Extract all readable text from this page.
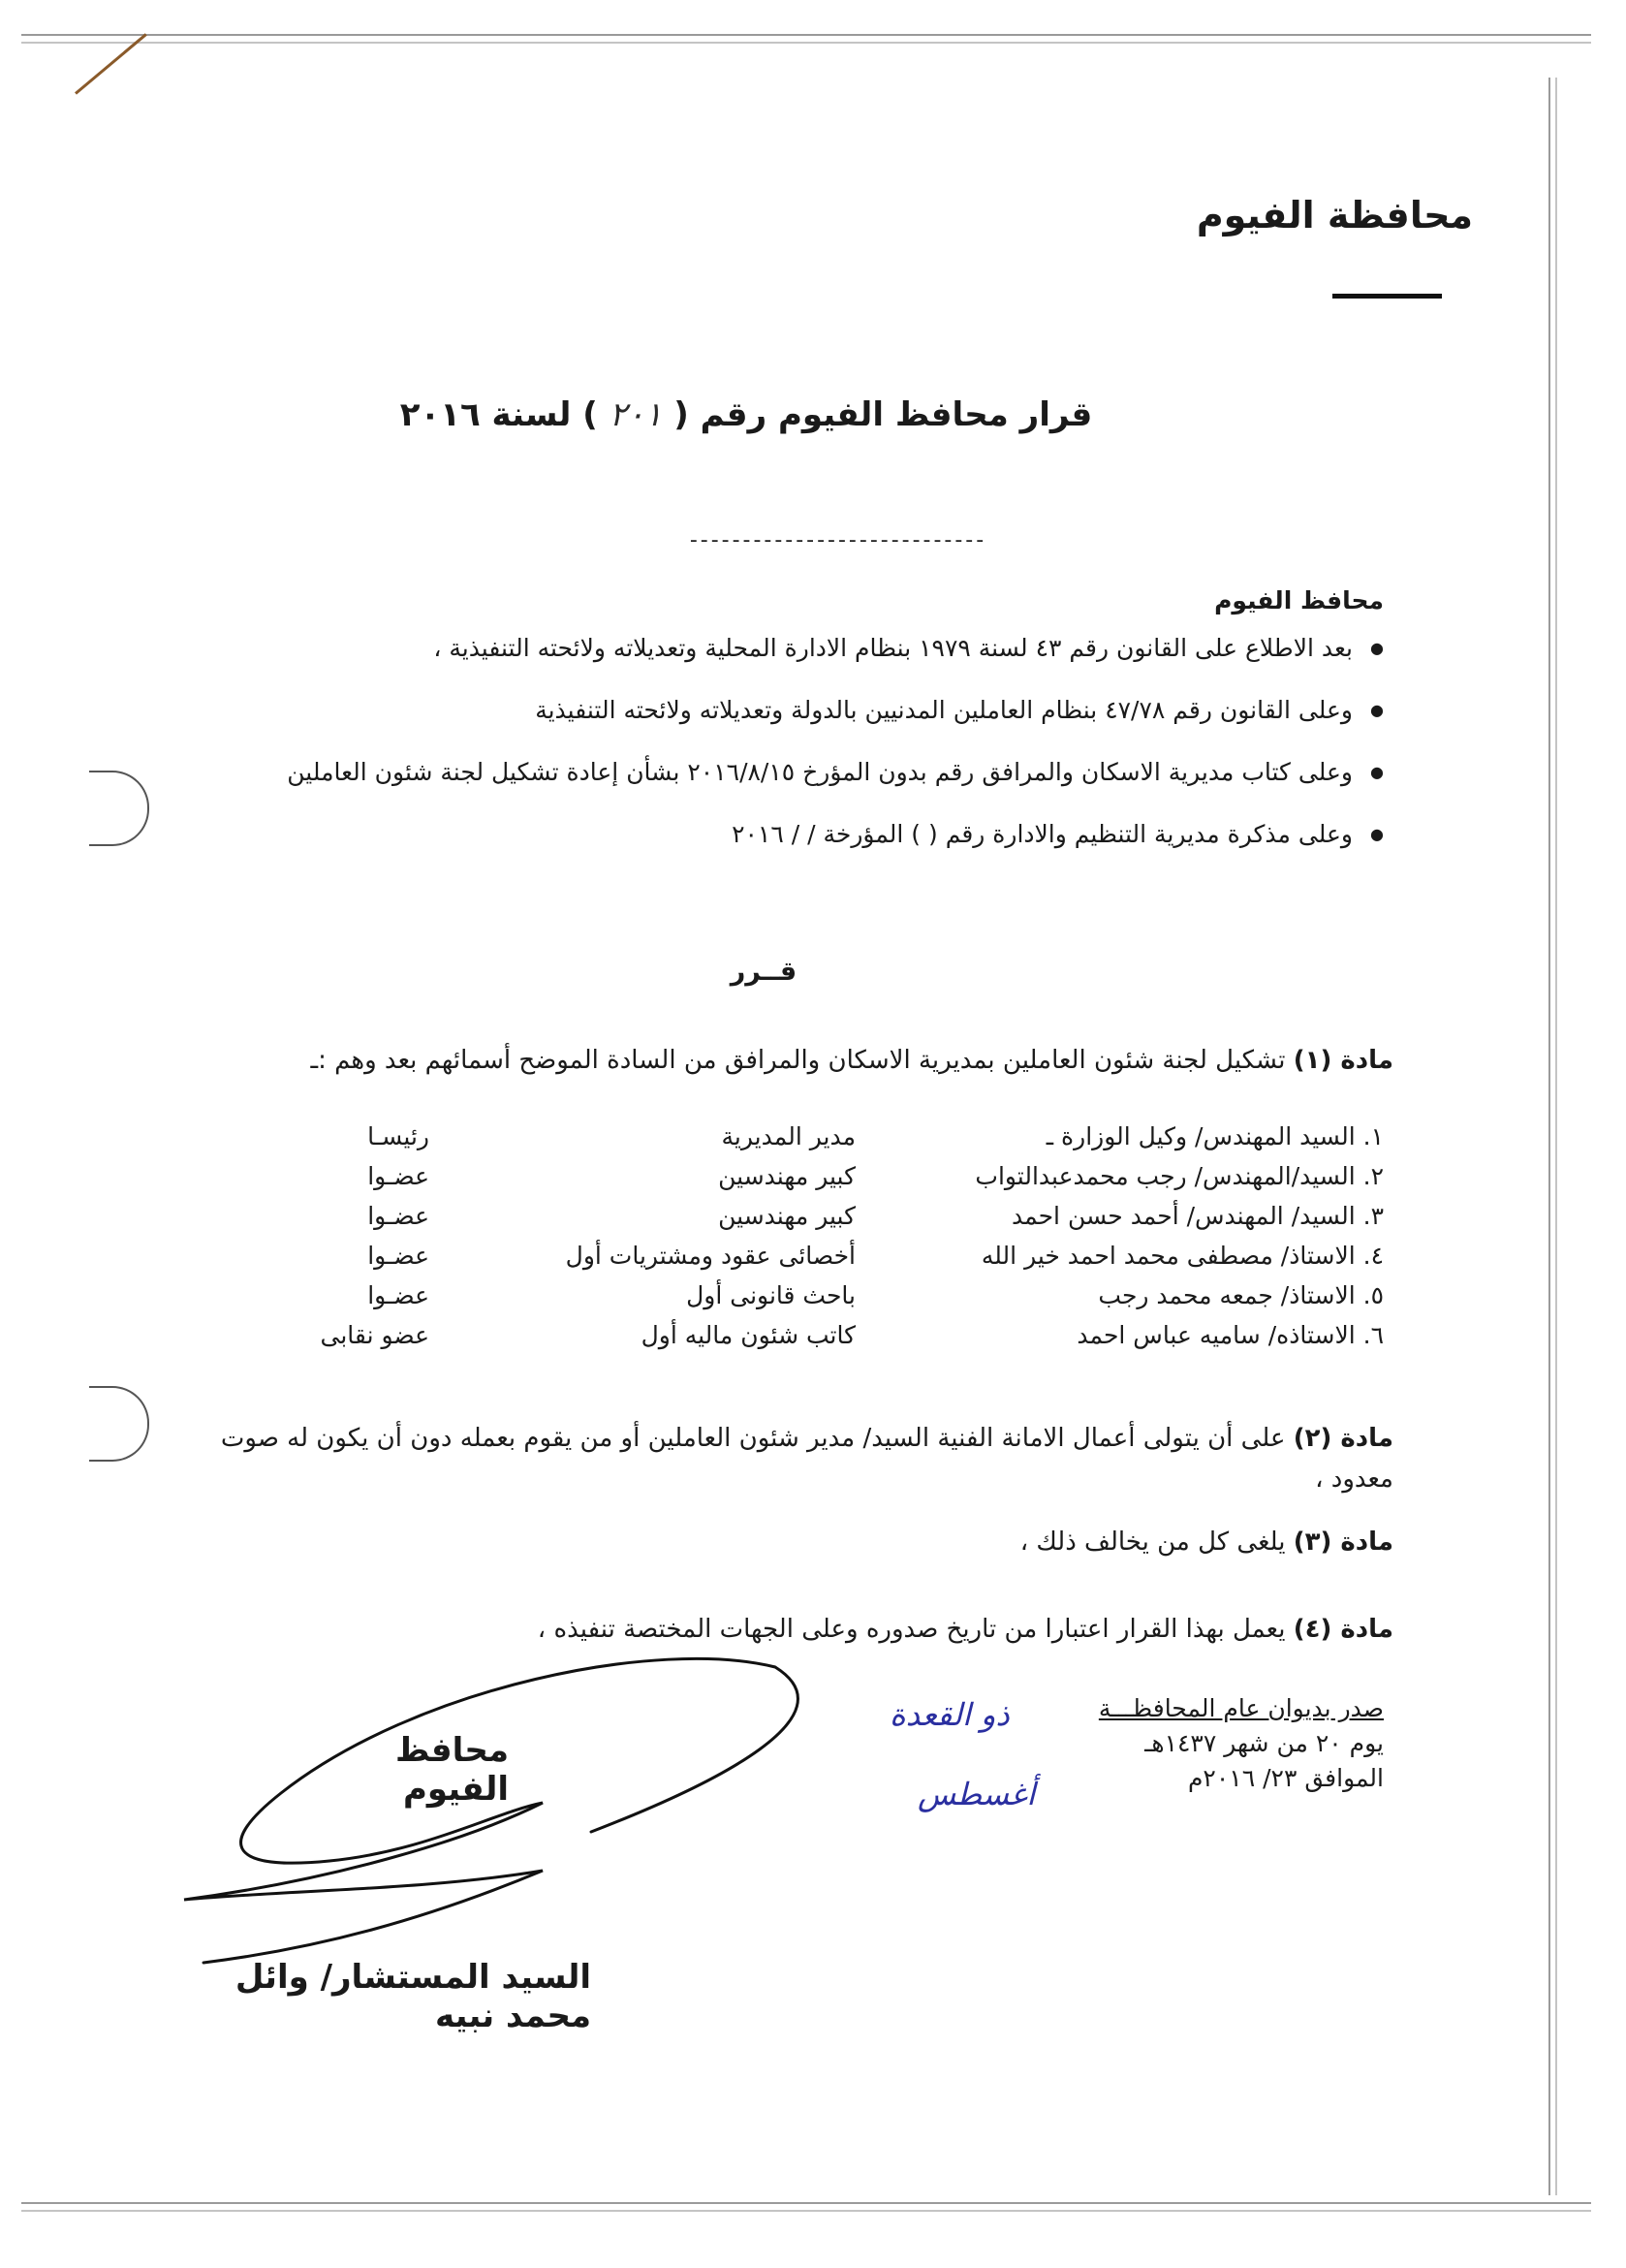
محافظة الفيوم
قرار محافظ الفيوم رقم ( ٢٠١ ) لسنة ٢٠١٦
----------------------------
محافظ الفيوم
● بعد الاطلاع على القانون رقم ٤٣ لسنة ١٩٧٩ بنظام الادارة المحلية وتعديلاته ولائحته التنفيذية ،
● وعلى القانون رقم ٤٧/٧٨ بنظام العاملين المدنيين بالدولة وتعديلاته ولائحته التنفيذية
● وعلى كتاب مديرية الاسكان والمرافق رقم بدون المؤرخ ٢٠١٦/٨/١٥ بشأن إعادة تشكيل لجنة شئون العاملين
● وعلى مذكرة مديرية التنظيم والادارة رقم ( ) المؤرخة / / ٢٠١٦
قــرر
مادة (١) تشكيل لجنة شئون العاملين بمديرية الاسكان والمرافق من السادة الموضح أسمائهم بعد وهم :ـ
١. السيد المهندس/ وكيل الوزارة ـ
مدير المديرية
رئيسـا
٢. السيد/المهندس/ رجب محمدعبدالتواب
كبير مهندسين
عضـوا
٣. السيد/ المهندس/ أحمد حسن احمد
كبير مهندسين
عضـوا
٤. الاستاذ/ مصطفى محمد احمد خير الله
أخصائى عقود ومشتريات أول
عضـوا
٥. الاستاذ/ جمعه محمد رجب
باحث قانونى أول
عضـوا
٦. الاستاذه/ ساميه عباس احمد
كاتب شئون ماليه أول
عضو نقابى
مادة (٢) على أن يتولى أعمال الامانة الفنية السيد/ مدير شئون العاملين أو من يقوم بعمله دون أن يكون له صوت معدود ،
مادة (٣) يلغى كل من يخالف ذلك ،
مادة (٤) يعمل بهذا القرار اعتبارا من تاريخ صدوره وعلى الجهات المختصة تنفيذه ،
صدر بديوان عام المحافظـــة
يوم ٢٠ من شهر ١٤٣٧هـ
الموافق ٢٣/ ٢٠١٦م
ذو القعدة
أغسطس
محافظ الفيوم
السيد المستشار/ وائل محمد نبيه
